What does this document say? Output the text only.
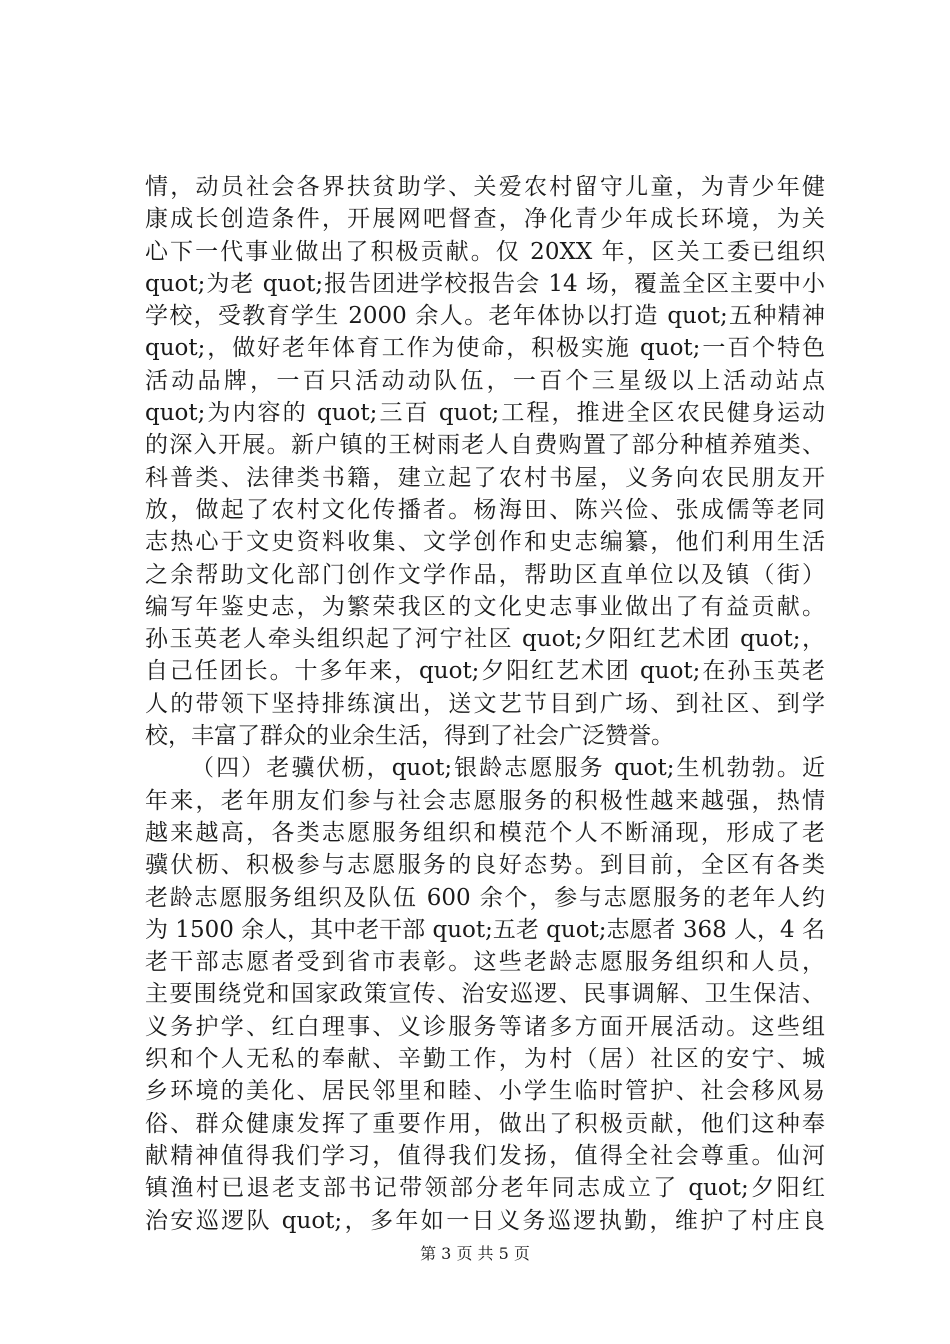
情，动员社会各界扶贫助学、关爱农村留守儿童，为青少年健
康成长创造条件，开展网吧督查，净化青少年成长环境，为关
心下一代事业做出了积极贡献。仅 20XX 年，区关工委已组织
quot;为老 quot;报告团进学校报告会 14 场，覆盖全区主要中小
学校，受教育学生 2000 余人。老年体协以打造 quot;五种精神
quot;，做好老年体育工作为使命，积极实施 quot;一百个特色
活动品牌，一百只活动动队伍，一百个三星级以上活动站点
quot;为内容的 quot;三百 quot;工程，推进全区农民健身运动
的深入开展。新户镇的王树雨老人自费购置了部分种植养殖类、
科普类、法律类书籍，建立起了农村书屋，义务向农民朋友开
放，做起了农村文化传播者。杨海田、陈兴俭、张成儒等老同
志热心于文史资料收集、文学创作和史志编纂，他们利用生活
之余帮助文化部门创作文学作品，帮助区直单位以及镇（街）
编写年鉴史志，为繁荣我区的文化史志事业做出了有益贡献。
孙玉英老人牵头组织起了河宁社区 quot;夕阳红艺术团 quot;，
自己任团长。十多年来，quot;夕阳红艺术团 quot;在孙玉英老
人的带领下坚持排练演出，送文艺节目到广场、到社区、到学
校，丰富了群众的业余生活，得到了社会广泛赞誉。
（四）老骥伏枥，quot;银龄志愿服务 quot;生机勃勃。近
年来，老年朋友们参与社会志愿服务的积极性越来越强，热情
越来越高，各类志愿服务组织和模范个人不断涌现，形成了老
骥伏枥、积极参与志愿服务的良好态势。到目前，全区有各类
老龄志愿服务组织及队伍 600 余个，参与志愿服务的老年人约
为 1500 余人，其中老干部 quot;五老 quot;志愿者 368 人，4 名
老干部志愿者受到省市表彰。这些老龄志愿服务组织和人员，
主要围绕党和国家政策宣传、治安巡逻、民事调解、卫生保洁、
义务护学、红白理事、义诊服务等诸多方面开展活动。这些组
织和个人无私的奉献、辛勤工作，为村（居）社区的安宁、城
乡环境的美化、居民邻里和睦、小学生临时管护、社会移风易
俗、群众健康发挥了重要作用，做出了积极贡献，他们这种奉
献精神值得我们学习，值得我们发扬，值得全社会尊重。仙河
镇渔村已退老支部书记带领部分老年同志成立了 quot;夕阳红
治安巡逻队 quot;，多年如一日义务巡逻执勤，维护了村庄良
第 3 页 共 5 页
